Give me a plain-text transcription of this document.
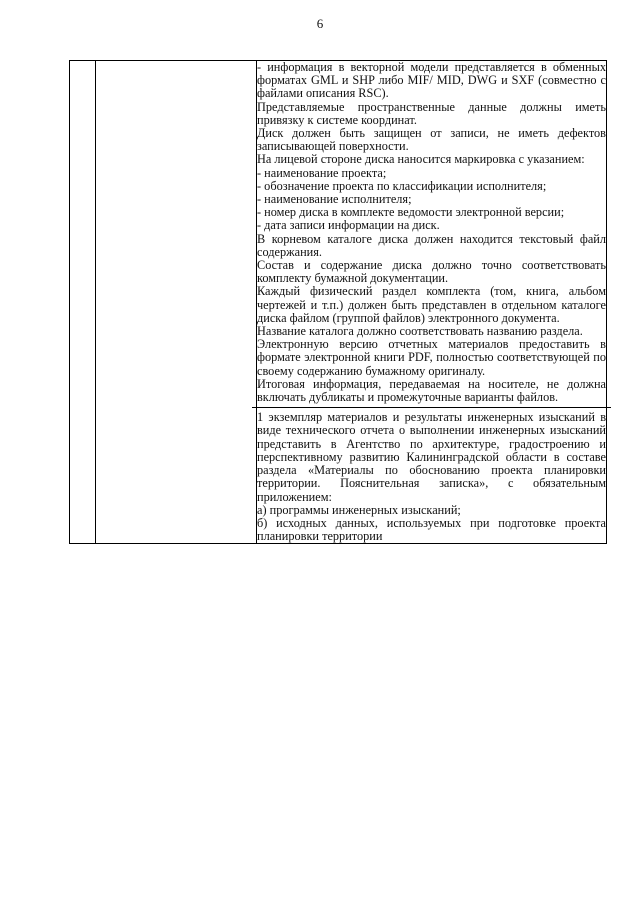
6

- информация в векторной модели представляется в обменных форматах GML и SHP либо MIF/ MID, DWG и SXF (совместно с файлами описания RSC).
Представляемые пространственные данные должны иметь привязку к системе координат.
Диск должен быть защищен от записи, не иметь дефектов записывающей поверхности.
На лицевой стороне диска наносится маркировка с указанием:
- наименование проекта;
- обозначение проекта по классификации исполнителя;
- наименование исполнителя;
- номер диска в комплекте ведомости электронной версии;
- дата записи информации на диск.
В корневом каталоге диска должен находится текстовый файл содержания.
Состав и содержание диска должно точно соответствовать комплекту бумажной документации.
Каждый физический раздел комплекта (том, книга, альбом чертежей и т.п.) должен быть представлен в отдельном каталоге диска файлом (группой файлов) электронного документа.
Название каталога должно соответствовать названию раздела.
Электронную версию отчетных материалов предоставить в формате электронной книги PDF, полностью соответствующей по своему содержанию бумажному оригиналу.
Итоговая информация, передаваемая на носителе, не должна включать дубликаты и промежуточные варианты файлов.
1 экземпляр материалов и результаты инженерных изысканий в виде технического отчета о выполнении инженерных изысканий представить в Агентство по архитектуре, градостроению и перспективному развитию Калининградской области в составе раздела «Материалы по обоснованию проекта планировки территории. Пояснительная записка», с обязательным приложением:
а) программы инженерных изысканий;
б) исходных данных, используемых при подготовке проекта планировки территории
